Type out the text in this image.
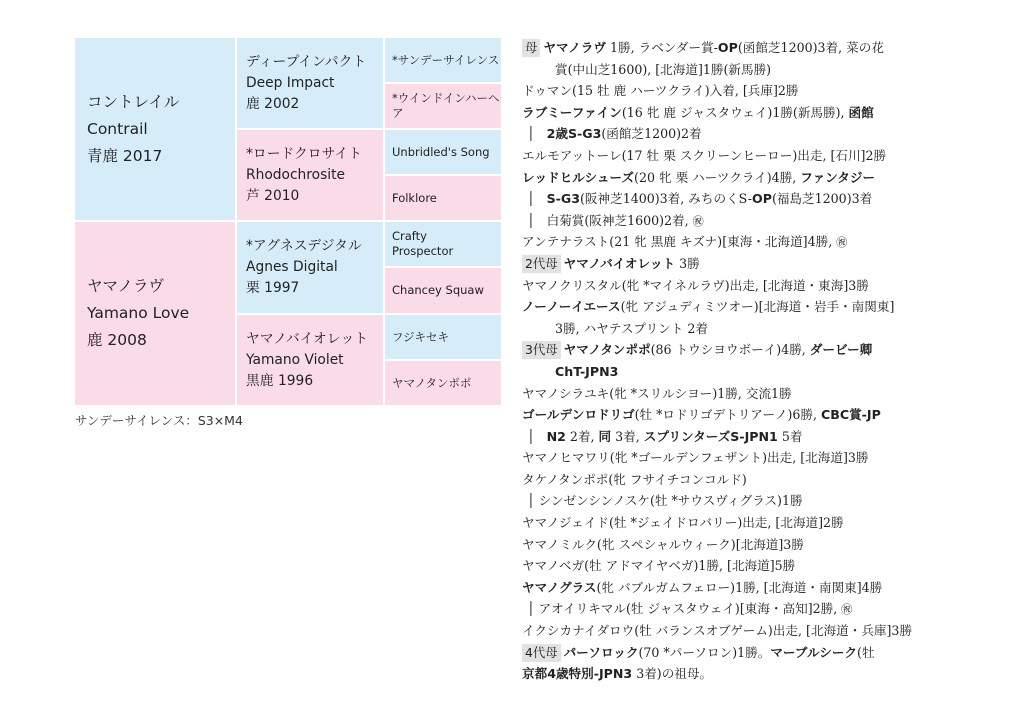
コントレイル
Contrail
青鹿 2017
ヤマノラヴ
Yamano Love
鹿 2008
ディープインパクト
Deep Impact
鹿 2002
*ロードクロサイト
Rhodochrosite
芦 2010
*アグネスデジタル
Agnes Digital
栗 1997
ヤマノバイオレット
Yamano Violet
黒鹿 1996
*サンデーサイレンス
*ウインドインハーヘア
Unbridled's Song
Folklore
Crafty
Prospector
Chancey Squaw
フジキセキ
ヤマノタンポポ
サンデーサイレンス：S3×M4
母 ヤマノラヴ 1勝, ラベンダー賞-OP(函館芝1200)3着, 菜の花
賞(中山芝1600), [北海道]1勝(新馬勝)
ドゥマン(15 牡 鹿 ハーツクライ)入着, [兵庫]2勝
ラブミーファイン(16 牝 鹿 ジャスタウェイ)1勝(新馬勝), 函館
│ 2歳S-G3(函館芝1200)2着
エルモアットーレ(17 牡 栗 スクリーンヒーロー)出走, [石川]2勝
レッドヒルシューズ(20 牝 栗 ハーツクライ)4勝, ファンタジー
│ S-G3(阪神芝1400)3着, みちのくS-OP(福島芝1200)3着
│ 白菊賞(阪神芝1600)2着, ㊗
アンテナラスト(21 牝 黒鹿 キズナ)[東海・北海道]4勝, ㊗
2代母 ヤマノバイオレット 3勝
ヤマノクリスタル(牝 *マイネルラヴ)出走, [北海道・東海]3勝
ノーノーイエース(牝 アジュディミツオー)[北海道・岩手・南関東]
3勝, ハヤテスプリント 2着
3代母 ヤマノタンポポ(86 トウシヨウボーイ)4勝, ダービー卿
ChT-JPN3
ヤマノシラユキ(牝 *スリルシヨー)1勝, 交流1勝
ゴールデンロドリゴ(牡 *ロドリゴデトリアーノ)6勝, CBC賞-JP
│ N2 2着, 同 3着, スプリンターズS-JPN1 5着
ヤマノヒマワリ(牝 *ゴールデンフェザント)出走, [北海道]3勝
タケノタンポポ(牝 フサイチコンコルド)
│ シンゼンシンノスケ(牡 *サウスヴィグラス)1勝
ヤマノジェイド(牡 *ジェイドロバリー)出走, [北海道]2勝
ヤマノミルク(牝 スペシャルウィーク)[北海道]3勝
ヤマノベガ(牡 アドマイヤベガ)1勝, [北海道]5勝
ヤマノグラス(牝 バブルガムフェロー)1勝, [北海道・南関東]4勝
│ アオイリキマル(牡 ジャスタウェイ)[東海・高知]2勝, ㊗
イクシカナイダロウ(牡 バランスオブゲーム)出走, [北海道・兵庫]3勝
4代母 パーソロック(70 *パーソロン)1勝。マーブルシーク(牡
京都4歳特別-JPN3 3着)の祖母。
